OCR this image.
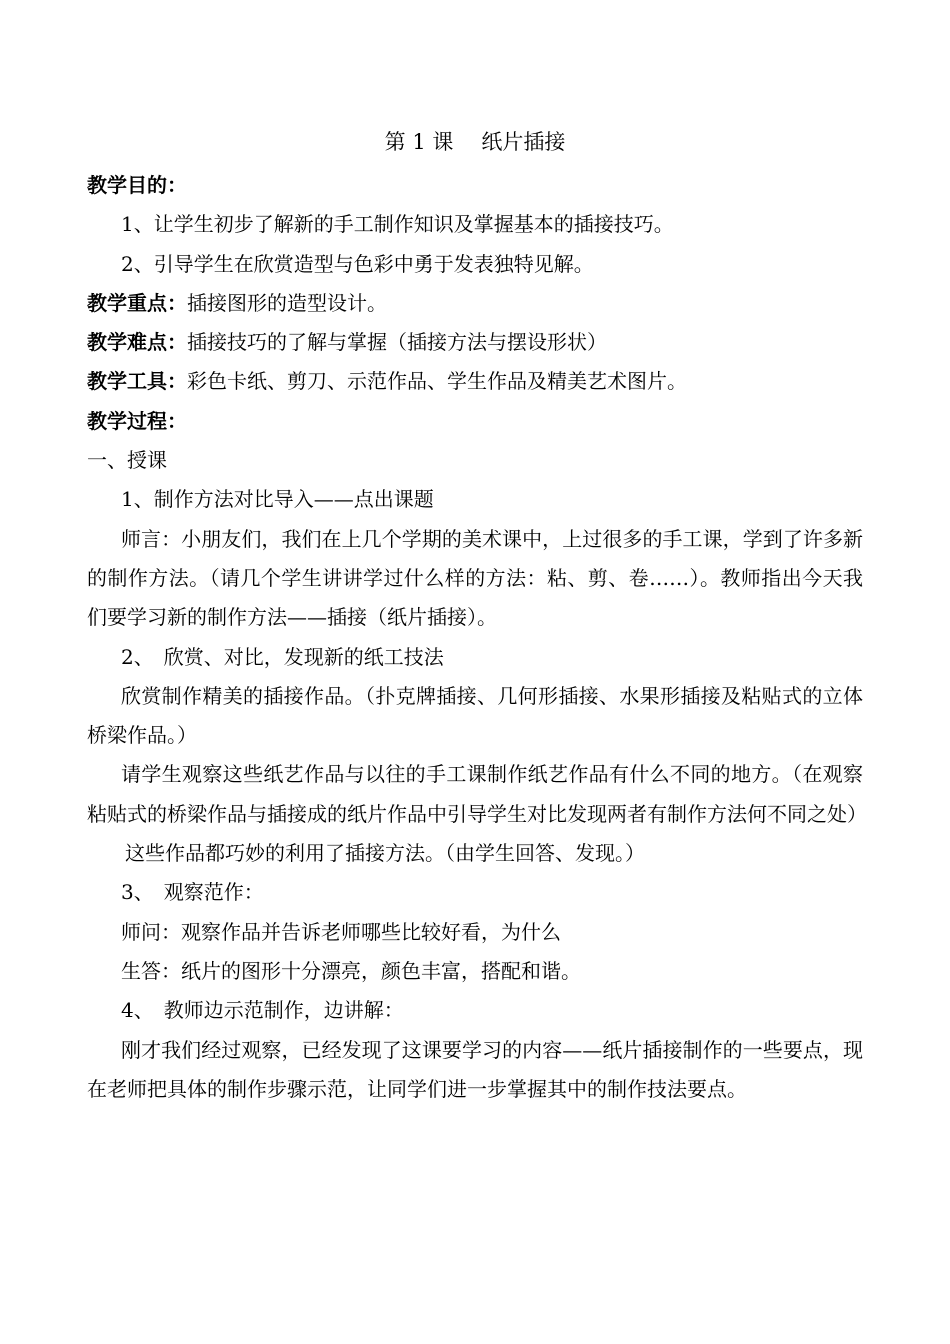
第 1 课 纸片插接

教学目的：

1、让学生初步了解新的手工制作知识及掌握基本的插接技巧。

2、引导学生在欣赏造型与色彩中勇于发表独特见解。

教学重点：插接图形的造型设计。

教学难点：插接技巧的了解与掌握（插接方法与摆设形状）

教学工具：彩色卡纸、剪刀、示范作品、学生作品及精美艺术图片。

教学过程：

一、授课

1、制作方法对比导入——点出课题

师言：小朋友们，我们在上几个学期的美术课中，上过很多的手工课，学到了许多新的制作方法。（请几个学生讲讲学过什么样的方法：粘、剪、卷……）。教师指出今天我们要学习新的制作方法——插接（纸片插接）。

2、　欣赏、对比，发现新的纸工技法

欣赏制作精美的插接作品。（扑克牌插接、几何形插接、水果形插接及粘贴式的立体桥梁作品。）

请学生观察这些纸艺作品与以往的手工课制作纸艺作品有什么不同的地方。（在观察粘贴式的桥梁作品与插接成的纸片作品中引导学生对比发现两者有制作方法何不同之处）这些作品都巧妙的利用了插接方法。（由学生回答、发现。）

3、　观察范作：

师问：观察作品并告诉老师哪些比较好看，为什么

生答：纸片的图形十分漂亮，颜色丰富，搭配和谐。

4、　教师边示范制作，边讲解：

刚才我们经过观察，已经发现了这课要学习的内容——纸片插接制作的一些要点，现在老师把具体的制作步骤示范，让同学们进一步掌握其中的制作技法要点。
